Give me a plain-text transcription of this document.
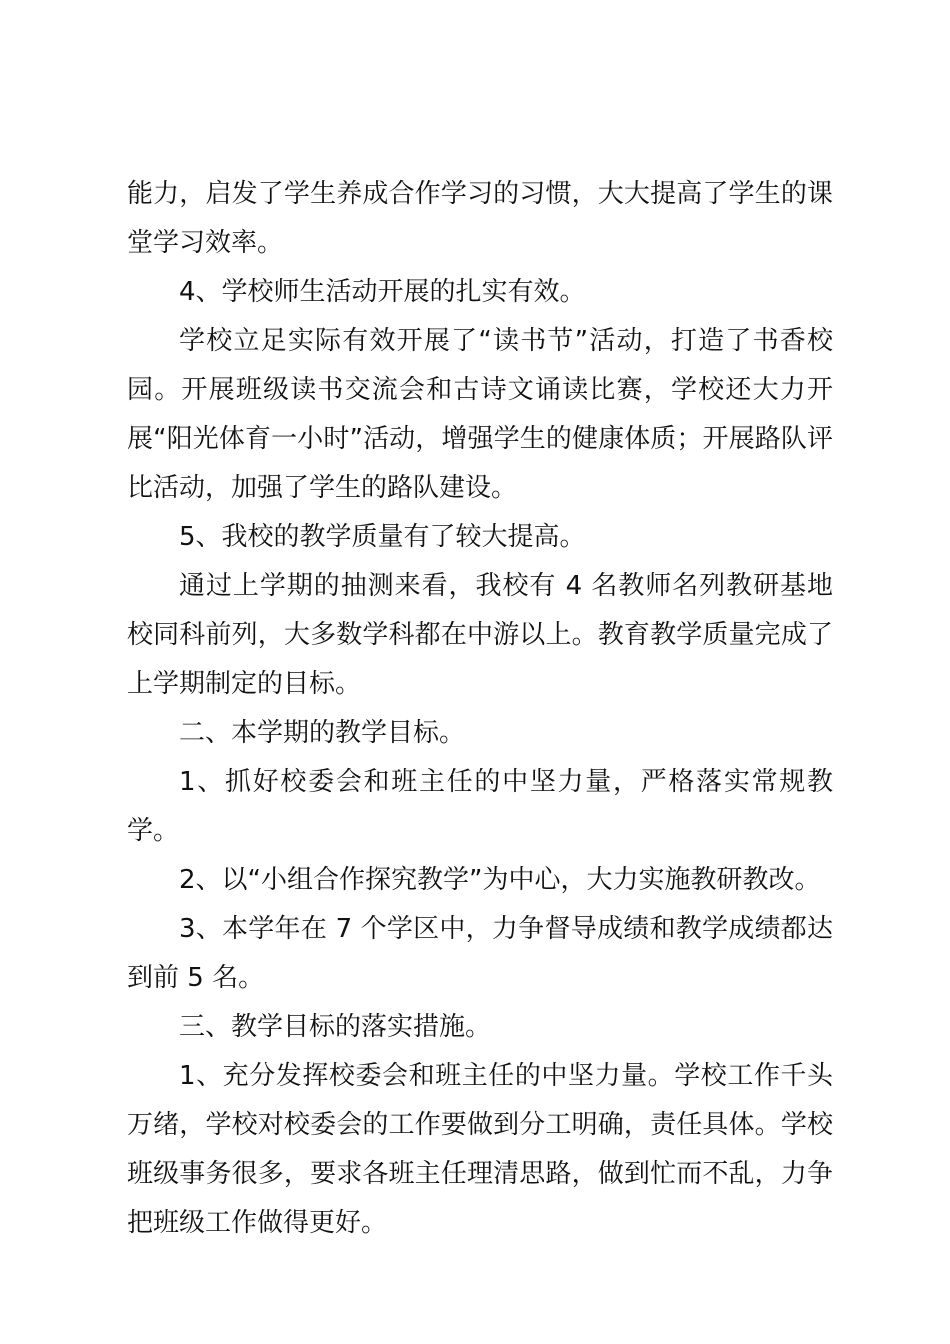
能力，启发了学生养成合作学习的习惯，大大提高了学生的课堂学习效率。

4、学校师生活动开展的扎实有效。

学校立足实际有效开展了“读书节”活动，打造了书香校园。开展班级读书交流会和古诗文诵读比赛，学校还大力开展“阳光体育一小时”活动，增强学生的健康体质；开展路队评比活动，加强了学生的路队建设。

5、我校的教学质量有了较大提高。

通过上学期的抽测来看，我校有 4 名教师名列教研基地校同科前列，大多数学科都在中游以上。教育教学质量完成了上学期制定的目标。

二、本学期的教学目标。

1、抓好校委会和班主任的中坚力量，严格落实常规教学。

2、以“小组合作探究教学”为中心，大力实施教研教改。

3、本学年在 7 个学区中，力争督导成绩和教学成绩都达到前 5 名。

三、教学目标的落实措施。

1、充分发挥校委会和班主任的中坚力量。学校工作千头万绪，学校对校委会的工作要做到分工明确，责任具体。学校班级事务很多，要求各班主任理清思路，做到忙而不乱，力争把班级工作做得更好。
